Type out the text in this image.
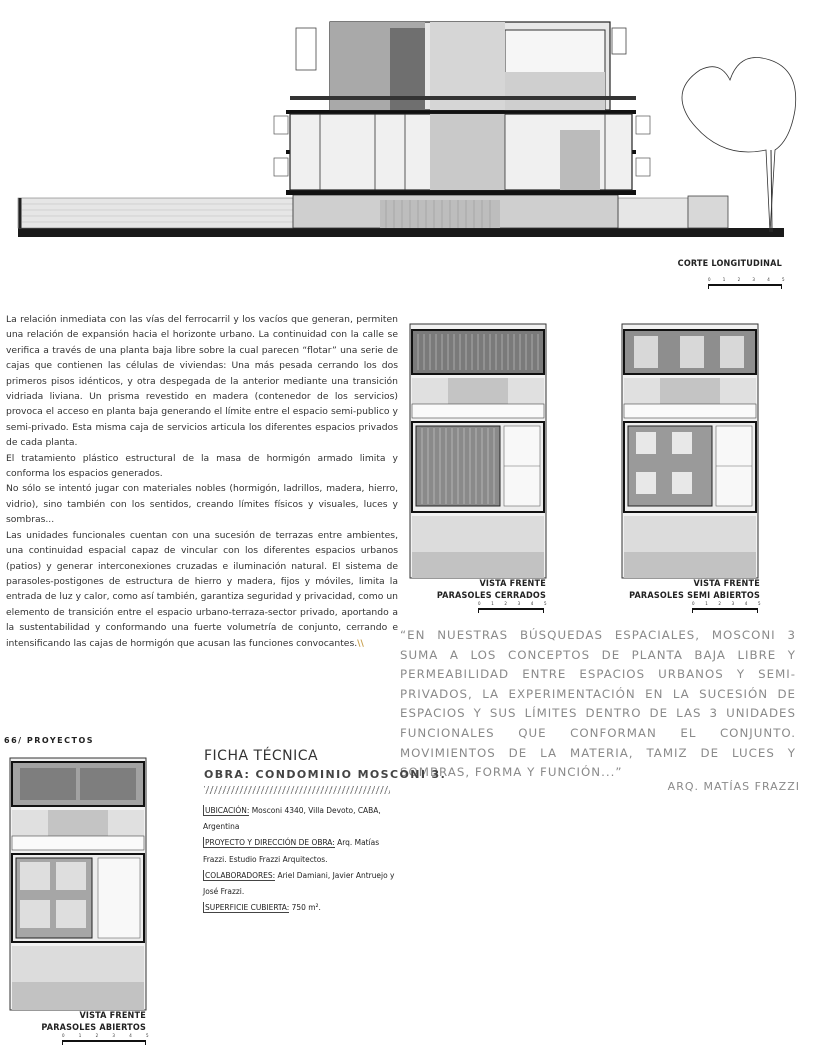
CORTE LONGITUDINAL
0	1	2	3	4	5

La relación inmediata con las vías del ferrocarril y los vacíos que generan, permiten una relación de expansión hacia el horizonte urbano. La continuidad con la calle se verifica a través de una planta baja libre sobre la cual parecen “flotar” una serie de cajas que contienen las células de viviendas: Una más pesada cerrando los dos primeros pisos idénticos, y otra despegada de la anterior mediante una transición vidriada liviana. Un prisma revestido en madera (contenedor de los servicios) provoca el acceso en planta baja generando el límite entre el espacio semi-publico y semi-privado. Esta misma caja de servicios articula los diferentes espacios privados de cada planta.

El tratamiento plástico estructural de la masa de hormigón armado limita y conforma los espacios generados.

No sólo se intentó jugar con materiales nobles (hormigón, ladrillos, madera, hierro, vidrio), sino también con los sentidos, creando límites físicos y visuales, luces y sombras...

Las unidades funcionales cuentan con una sucesión de terrazas entre ambientes, una continuidad espacial capaz de vincular con los diferentes espacios urbanos (patios) y generar interconexiones cruzadas e iluminación natural. El sistema de parasoles-postigones de estructura de hierro y madera, fijos y móviles, limita la entrada de luz y calor, como así también, garantiza seguridad y privacidad, como un elemento de transición entre el espacio urbano-terraza-sector privado, aportando a la sustentabilidad y conformando una fuerte volumetría de conjunto, cerrando e intensificando las cajas de hormigón que acusan las funciones convocantes.\\

VISTA FRENTE
PARASOLES CERRADOS
0	1	2	3	4	5
VISTA FRENTE
PARASOLES SEMI ABIERTOS
0	1	2	3	4	5
“EN NUESTRAS BÚSQUEDAS ESPACIALES, MOSCONI 3 SUMA A LOS CONCEPTOS DE PLANTA BAJA LIBRE Y PERMEABILIDAD ENTRE ESPACIOS URBANOS Y SEMI-PRIVADOS, LA EXPERIMENTACIÓN EN LA SUCESIÓN DE ESPACIOS Y SUS LÍMITES DENTRO DE LAS 3 UNIDADES FUNCIONALES QUE CONFORMAN EL CONJUNTO. MOVIMIENTOS DE LA MATERIA, TAMIZ DE LUCES Y SOMBRAS, FORMA Y FUNCIÓN...”
ARQ. MATÍAS FRAZZI
66/ PROYECTOS
VISTA FRENTE
PARASOLES ABIERTOS
0	1	2	3	4	5
FICHA TÉCNICA
OBRA: CONDOMINIO MOSCONI 3.
UBICACIÓN: Mosconi 4340, Villa Devoto, CABA, Argentina
PROYECTO Y DIRECCIÓN DE OBRA: Arq. Matías Frazzi. Estudio Frazzi Arquitectos.
COLABORADORES: Ariel Damiani, Javier Antruejo y José Frazzi.
SUPERFICIE CUBIERTA: 750 m².
